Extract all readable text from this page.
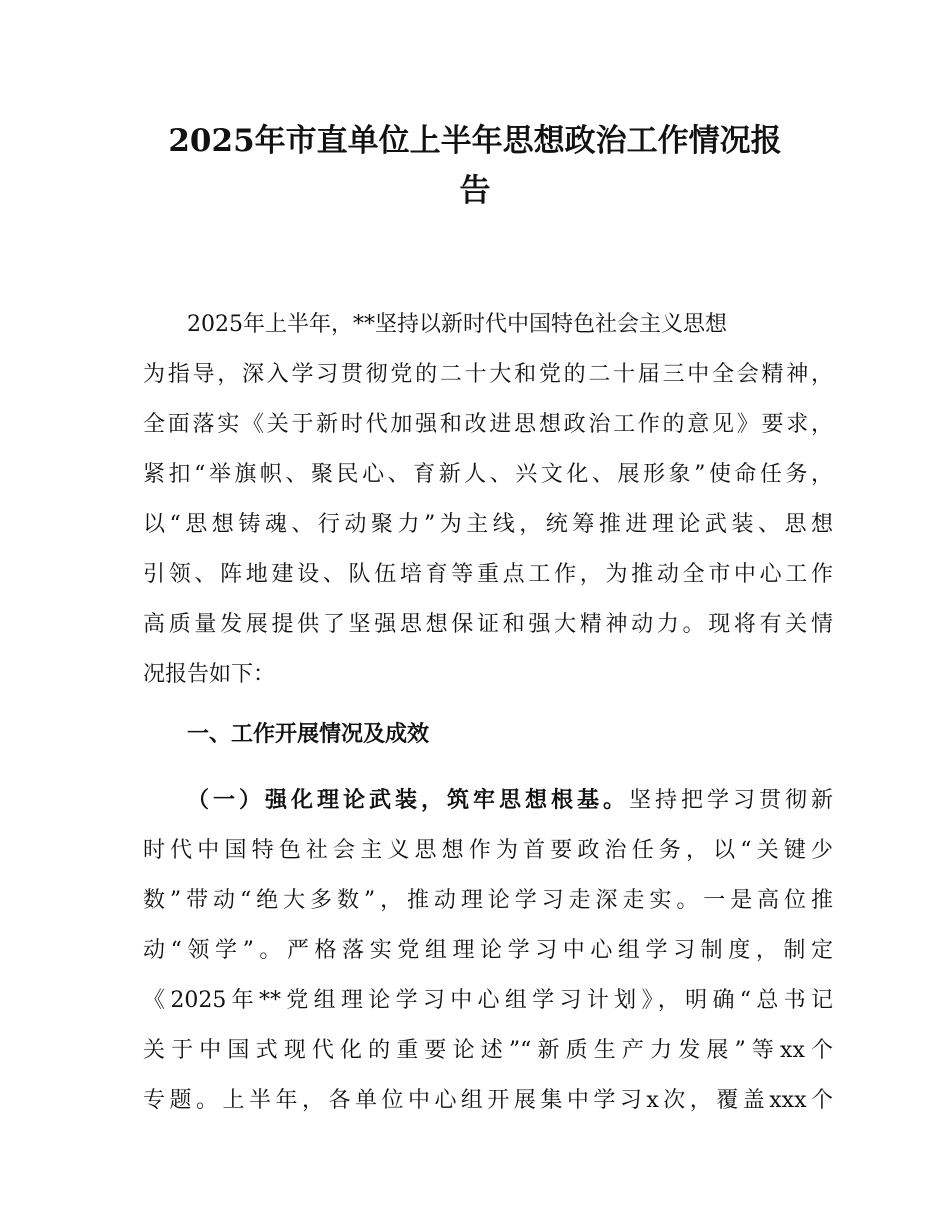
2025年市直单位上半年思想政治工作情况报
告
2025年上半年，**坚持以新时代中国特色社会主义思想
为指导，深入学习贯彻党的二十大和党的二十届三中全会精神，
全面落实《关于新时代加强和改进思想政治工作的意见》要求，
紧扣“举旗帜、聚民心、育新人、兴文化、展形象”使命任务，
以“思想铸魂、行动聚力”为主线，统筹推进理论武装、思想
引领、阵地建设、队伍培育等重点工作，为推动全市中心工作
高质量发展提供了坚强思想保证和强大精神动力。现将有关情
况报告如下：
一、工作开展情况及成效
（一）强化理论武装，筑牢思想根基。坚持把学习贯彻新
时代中国特色社会主义思想作为首要政治任务，以“关键少
数”带动“绝大多数”，推动理论学习走深走实。一是高位推
动“领学”。严格落实党组理论学习中心组学习制度，制定
《2025年**党组理论学习中心组学习计划》，明确“总书记
关于中国式现代化的重要论述”“新质生产力发展”等xx个
专题。上半年，各单位中心组开展集中学习x次，覆盖xxx个
